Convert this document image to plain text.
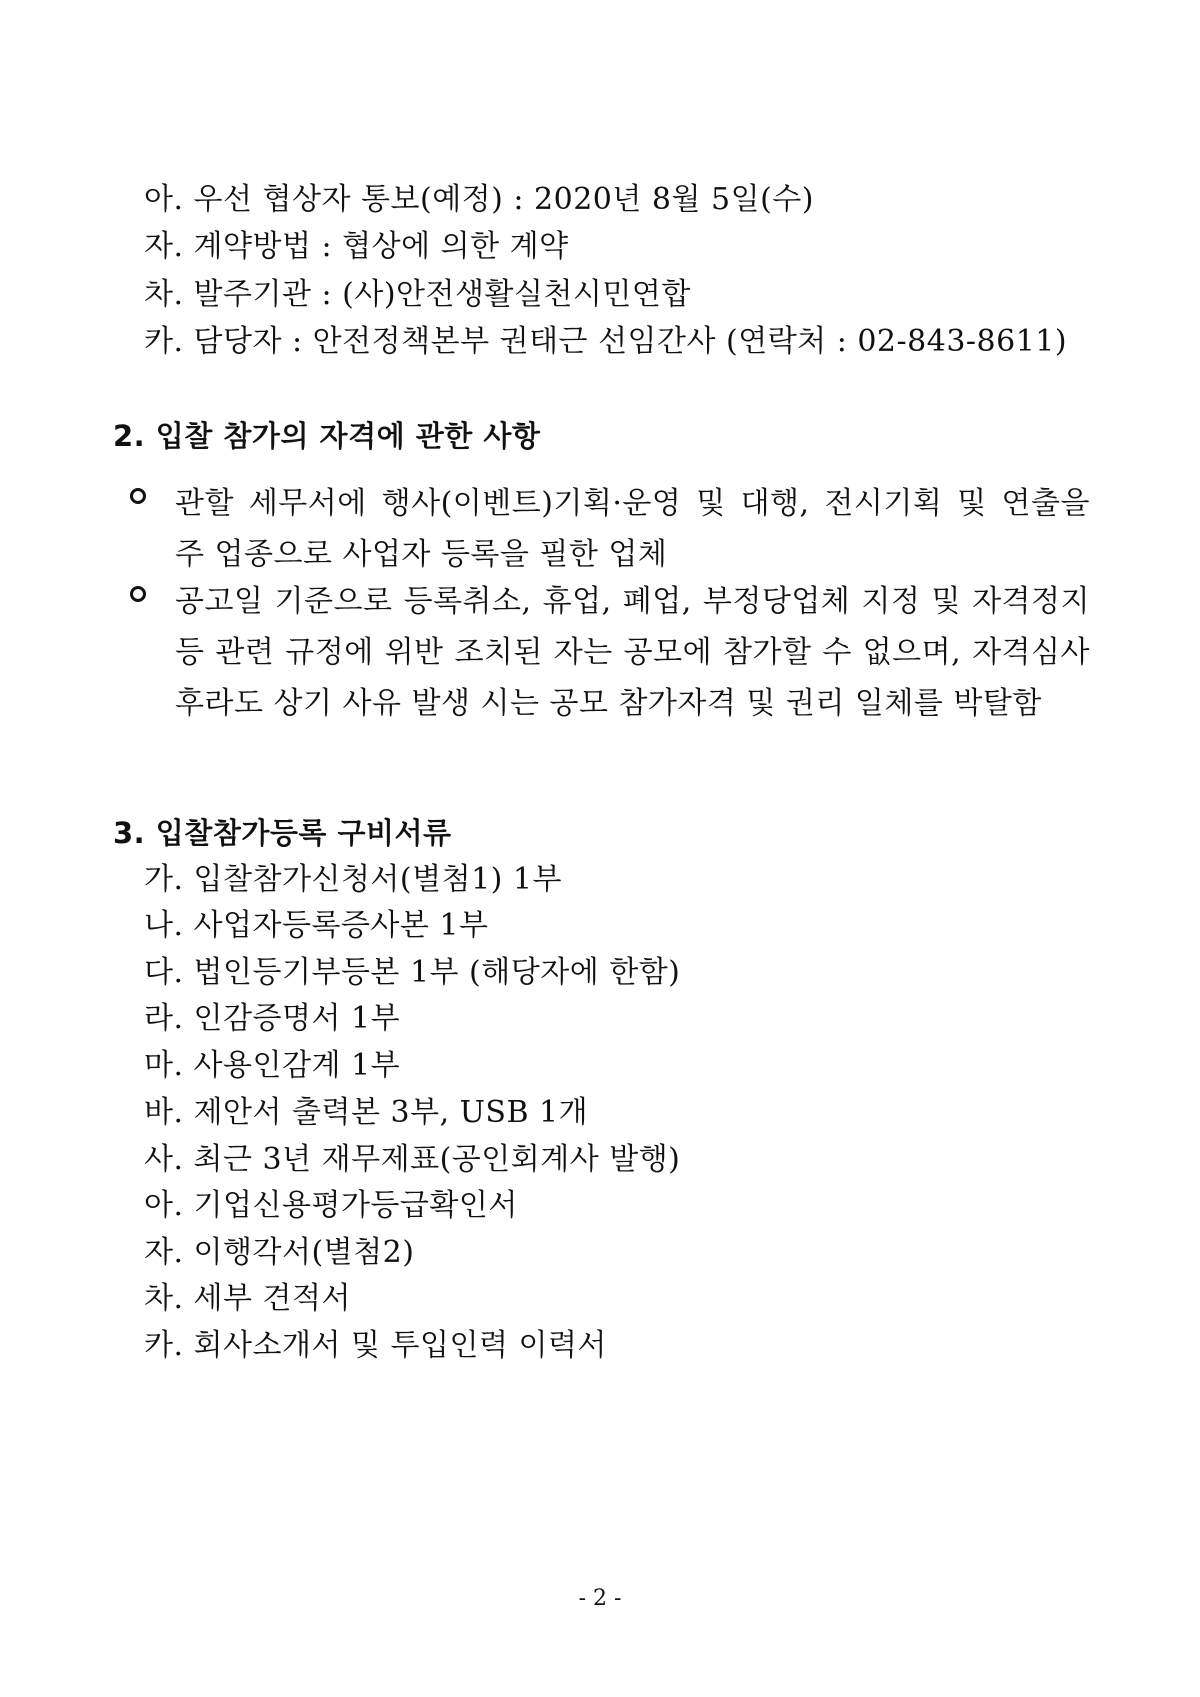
아. 우선 협상자 통보(예정) : 2020년 8월 5일(수)
자. 계약방법 : 협상에 의한 계약
차. 발주기관 : (사)안전생활실천시민연합
카. 담당자 : 안전정책본부 권태근 선임간사 (연락처 : 02-843-8611)
2. 입찰 참가의 자격에 관한 사항
관할 세무서에 행사(이벤트)기획·운영 및 대행, 전시기획 및 연출을 주 업종으로 사업자 등록을 필한 업체
공고일 기준으로 등록취소, 휴업, 폐업, 부정당업체 지정 및 자격정지 등 관련 규정에 위반 조치된 자는 공모에 참가할 수 없으며, 자격심사 후라도 상기 사유 발생 시는 공모 참가자격 및 권리 일체를 박탈함
3. 입찰참가등록 구비서류
가. 입찰참가신청서(별첨1) 1부
나. 사업자등록증사본 1부
다. 법인등기부등본 1부 (해당자에 한함)
라. 인감증명서 1부
마. 사용인감계 1부
바. 제안서 출력본 3부, USB 1개
사. 최근 3년 재무제표(공인회계사 발행)
아. 기업신용평가등급확인서
자. 이행각서(별첨2)
차. 세부 견적서
카. 회사소개서 및 투입인력 이력서
- 2 -
